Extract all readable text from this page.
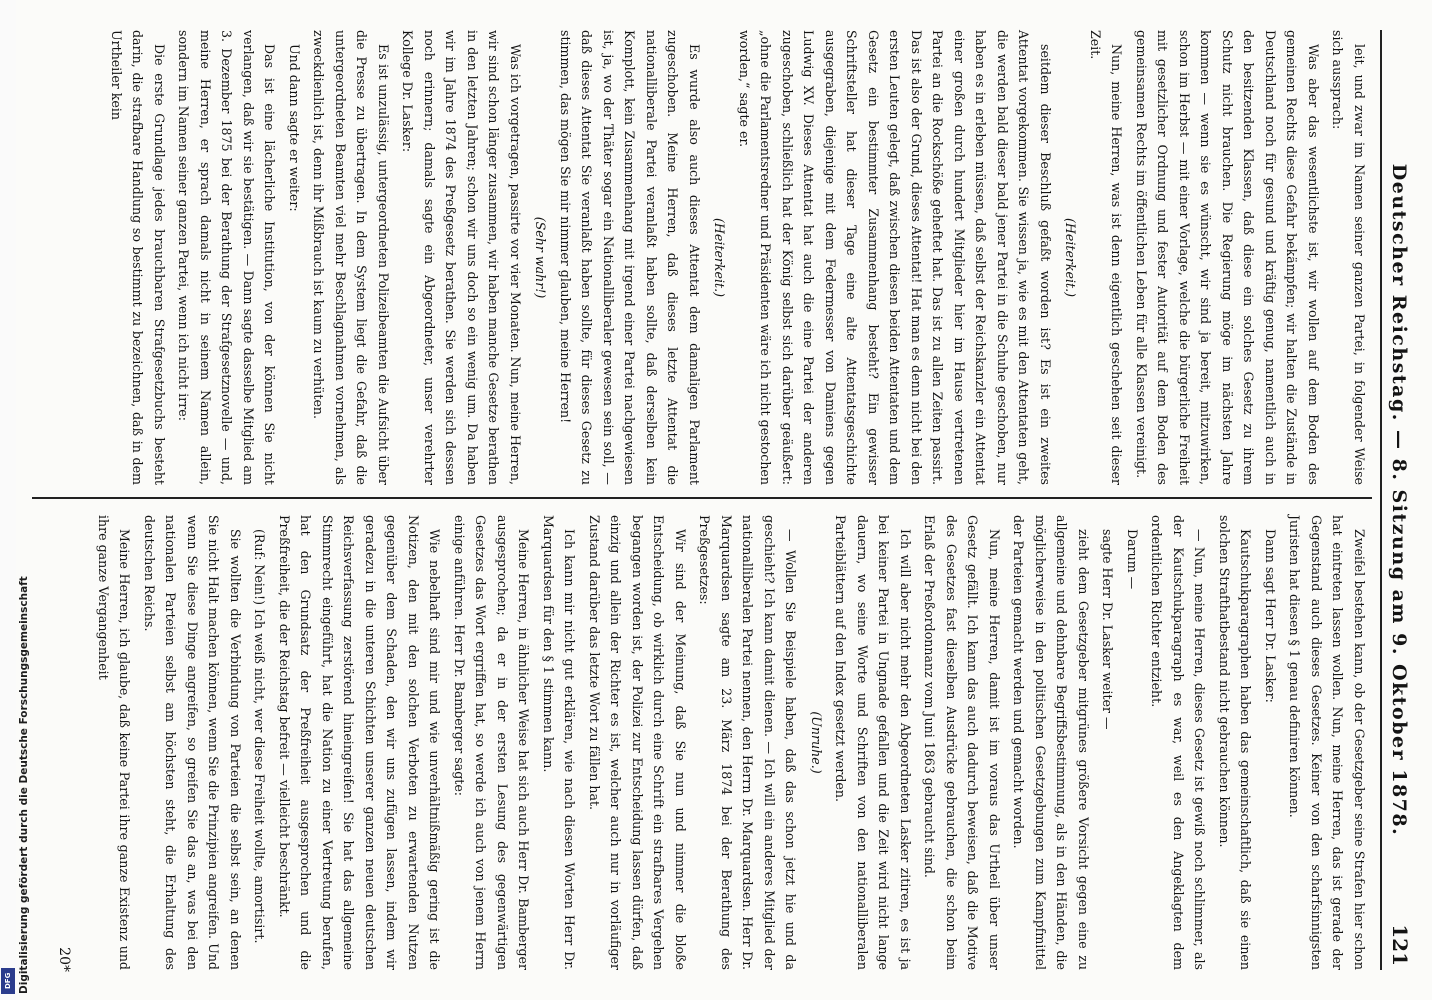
Digitalisierung gefördert durch die Deutsche Forschungsgemeinschaft
DFG
Deutscher Reichstag. — 8. Sitzung am 9. Oktober 1878.
121

leit, und zwar im Namen seiner ganzen Partei, in folgender Weise sich aussprach:

Was aber das wesentlichste ist, wir wollen auf dem Boden des gemeinen Rechts diese Gefahr bekämpfen; wir halten die Zustände in Deutschland noch für gesund und kräftig genug, namentlich auch in den besitzenden Klassen, daß diese ein solches Gesetz zu ihrem Schutz nicht brauchen. Die Regierung möge im nächsten Jahre kommen — wenn sie es wünscht, wir sind ja bereit, mitzuwirken, schon im Herbst — mit einer Vorlage, welche die bürgerliche Freiheit mit gesetzlicher Ordnung und fester Autorität auf dem Boden des gemeinsamen Rechts im öffentlichen Leben für alle Klassen vereinigt.

Nun, meine Herren, was ist denn eigentlich geschehen seit dieser Zeit.

(Heiterkeit.)

seitdem dieser Beschluß gefaßt worden ist? Es ist ein zweites Attentat vorgekommen. Sie wissen ja, wie es mit den Attentaten geht, die werden bald dieser bald jener Partei in die Schuhe geschoben, nur haben es in erleben müssen, daß selbst der Reichskanzler ein Attentat einer großen durch hundert Mitglieder hier im Hause vertretenen Partei an die Rockschöße geheftet hat. Das ist zu allen Zeiten passirt. Das ist also der Grund, dieses Attentat! Hat man es denn nicht bei den ersten Leuten gelegt, daß zwischen diesen beiden Attentaten und dem Gesetz ein bestimmter Zusammenhang besteht? Ein gewisser Schriftsteller hat dieser Tage eine alte Attentatsgeschichte ausgegraben, diejenige mit dem Federmesser von Damiens gegen Ludwig XV. Dieses Attentat hat auch die eine Partei der anderen zugeschoben, schließlich hat der König selbst sich darüber geäußert: „ohne die Parlamentsredner und Präsidenten wäre ich nicht gestochen worden,“ sagte er.

(Heiterkeit.)

Es wurde also auch dieses Attentat dem damaligen Parlament zugeschoben. Meine Herren, daß dieses letzte Attentat die nationalliberale Partei veranlaßt haben sollte, daß derselben kein Komplott, kein Zusammenhang mit irgend einer Partei nachgewiesen ist, ja, wo der Thäter sogar ein Nationalliberaler gewesen sein soll, — daß dieses Attentat Sie veranlaßt haben sollte, für dieses Gesetz zu stimmen, das mögen Sie mir nimmer glauben, meine Herren!

(Sehr wahr!)

Was ich vorgetragen, passirte vor vier Monaten. Nun, meine Herren, wir sind schon länger zusammen, wir haben manche Gesetze berathen in den letzten Jahren; schon wir uns doch so ein wenig um. Da haben wir im Jahre 1874 des Preßgesetz berathen. Sie werden sich dessen noch erinnern; damals sagte ein Abgeordneter, unser verehrter Kollege Dr. Lasker:

Es ist unzulässig, untergeordneten Polizeibeamten die Aufsicht über die Presse zu übertragen. In dem System liegt die Gefahr, daß die untergeordneten Beamten viel mehr Beschlagnahmen vornehmen, als zweckdienlich ist, denn ihr Mißbrauch ist kaum zu verhüten.

Und dann sagte er weiter:

Das ist eine lächerliche Institution, von der können Sie nicht verlangen, daß wir sie bestätigen. — Dann sagte dasselbe Mitglied am 3. Dezember 1875 bei der Berathung der Strafgesetznovelle — und, meine Herren, er sprach damals nicht in seinem Namen allein, sondern im Namen seiner ganzen Partei, wenn ich nicht irre:

Die erste Grundlage jedes brauchbaren Strafgesetzbuchs besteht darin, die strafbare Handlung so bestimmt zu bezeichnen, daß in dem Urtheiler kein

Zweifel bestehen kann, ob der Gesetzgeber seine Strafen hier schon hat eintreten lassen wollen. Nun, meine Herren, das ist gerade der Gegenstand auch dieses Gesetzes. Keiner von den scharfsinnigsten Juristen hat diesen § 1 genau definiren können.

Dann sagt Herr Dr. Lasker:

Kautschukparagraphen haben das gemeinschaftlich, daß sie einen solchen Strafthatbestand nicht gebrauchen können.

— Nun, meine Herren, dieses Gesetz ist gewiß noch schlimmer, als der Kautschukparagraph es war, weil es den Angeklagten dem ordentlichen Richter entzieht.

Darum —

sagte Herr Dr. Lasker weiter —

zieht dem Gesetzgeber mitgrünes größere Vorsicht gegen eine zu allgemeine und dehnbare Begriffsbestimmung, als in den Händen, die möglicherweise in den politischen Gesetzgebungen zum Kampfmittel der Parteien gemacht werden und gemacht worden.

Nun, meine Herren, damit ist im voraus das Urtheil über unser Gesetz gefällt. Ich kann das auch dadurch beweisen, daß die Motive des Gesetzes fast dieselben Ausdrücke gebrauchen, die schon beim Erlaß der Preßordonnanz vom Juni 1863 gebraucht sind.

Ich will aber nicht mehr den Abgeordneten Lasker zitiren, es ist ja bei keiner Partei in Ungnade gefallen und die Zeit wird nicht lange dauern, wo seine Worte und Schriften von den nationalliberalen Parteiblättern auf den Index gesetzt werden.

(Unruhe.)

— Wollen Sie Beispiele haben, daß das schon jetzt hie und da geschieht? Ich kann damit dienen. — Ich will ein anderes Mitglied der nationalliberalen Partei nennen, den Herrn Dr. Marquardsen. Herr Dr. Marquardsen sagte am 23. März 1874 bei der Berathung des Preßgesetzes:

Wir sind der Meinung, daß Sie nun und nimmer die bloße Entscheidung, ob wirklich durch eine Schrift ein strafbares Vergehen begangen worden ist, der Polizei zur Entscheidung lassen dürfen, daß einzig und allein der Richter es ist, welcher auch nur in vorläufiger Zustand darüber das letzte Wort zu fällen hat.

Ich kann mir nicht gut erklären, wie nach diesen Worten Herr Dr. Marquardsen für den § 1 stimmen kann.

Meine Herren, in ähnlicher Weise hat sich auch Herr Dr. Bamberger ausgesprochen; da er in der ersten Lesung des gegenwärtigen Gesetzes das Wort ergriffen hat, so werde ich auch von jenem Herrn einige anführen. Herr Dr. Bamberger sagte:

Wie nebelhaft sind mir und wie unverhältnißmäßig gering ist die Notizen, den mit den solchen Verboten zu erwartenden Nutzen gegenüber dem Schaden, den wir uns zufügen lassen, indem wir geradezu in die unteren Schichten unserer ganzen neuen deutschen Reichsverfassung zerstörend hineingreifen! Sie hat das allgemeine Stimmrecht eingeführt, hat die Nation zu einer Vertretung berufen, hat den Grundsatz der Preßfreiheit ausgesprochen und die Preßfreiheit, die der Reichstag befreit — vielleicht beschränkt.

(Ruf: Nein!) Ich weiß nicht, wer diese Freiheit wollte, amortisirt.

Sie wollten die Verbindung von Parteien die selbst sein, an denen Sie nicht Halt machen können, wenn Sie die Prinzipien angreifen. Und wenn Sie diese Dinge angreifen, so greifen Sie das an, was bei den nationalen Parteien selbst am höchsten steht, die Erhaltung des deutschen Reichs.

Meine Herren, ich glaube, daß keine Partei ihre ganze Existenz und ihre ganze Vergangenheit

20*
